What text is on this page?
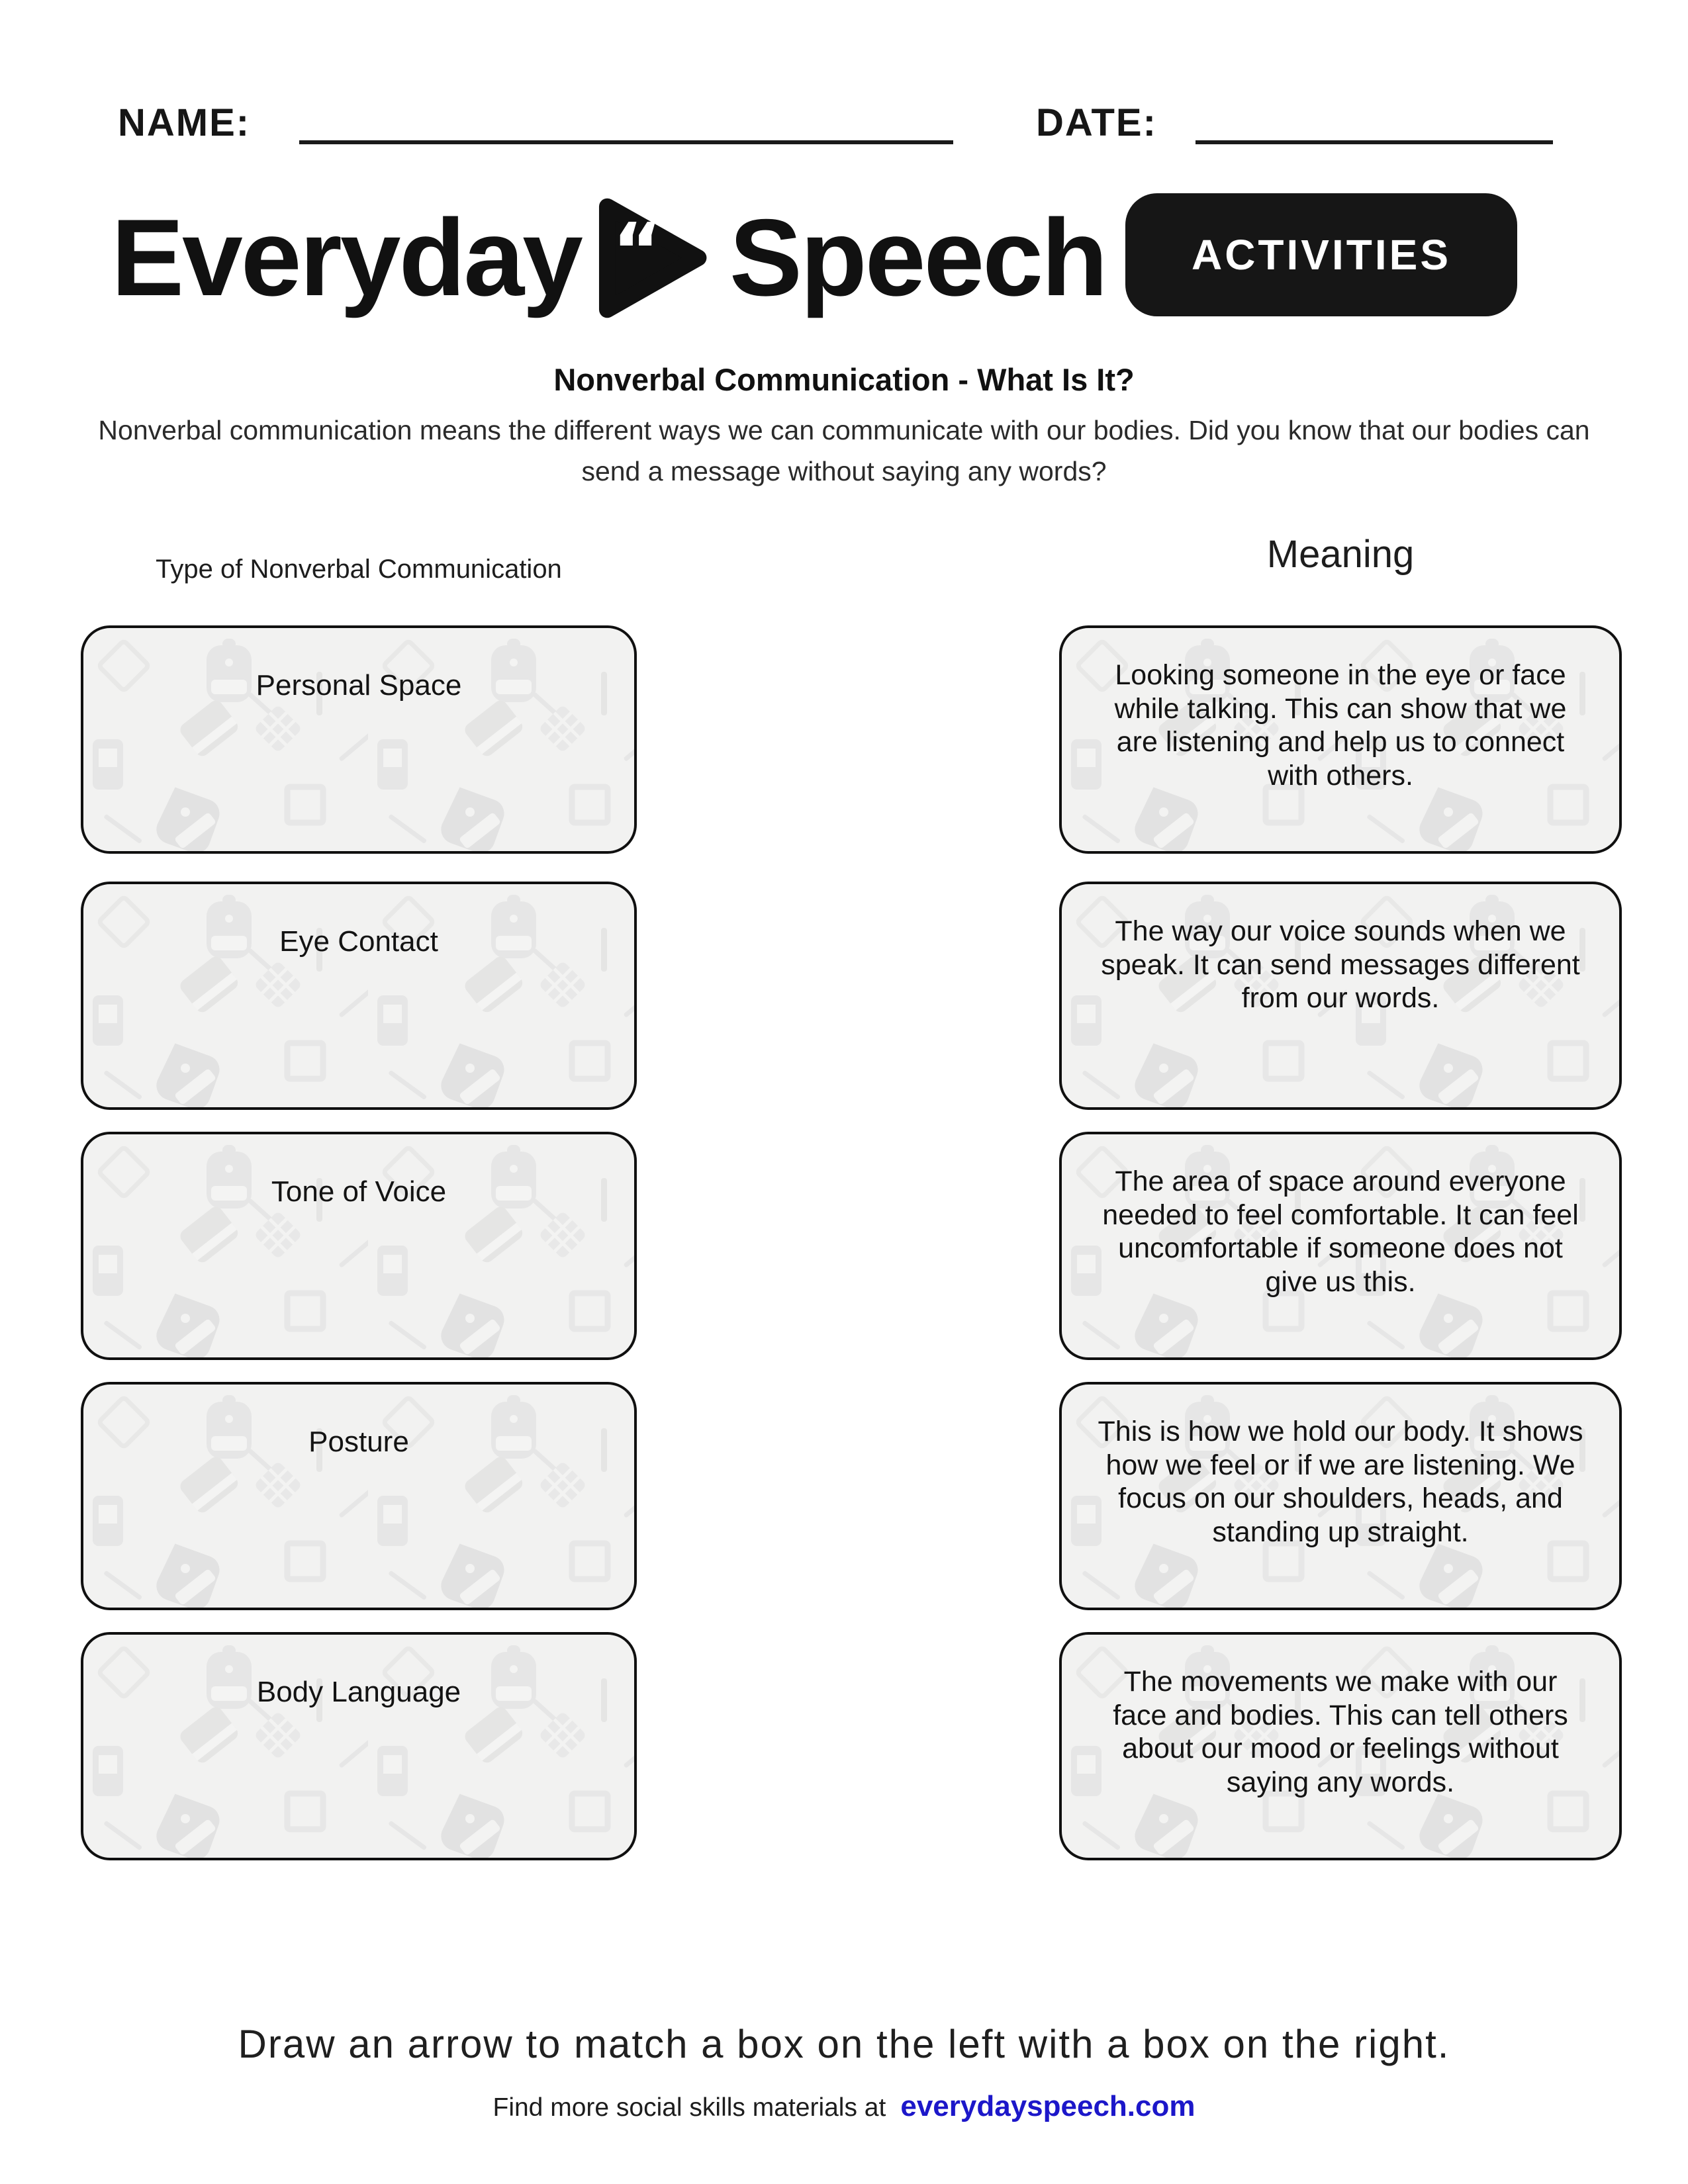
NAME:	DATE:
Everyday “ Speech ACTIVITIES
Nonverbal Communication - What Is It?
Nonverbal communication means the different ways we can communicate with our bodies. Did you know that our bodies can send a message without saying any words?
Type of Nonverbal Communication	Meaning
Personal Space	Looking someone in the eye or face while talking. This can show that we are listening and help us to connect with others.
Eye Contact	The way our voice sounds when we speak. It can send messages different from our words.
Tone of Voice	The area of space around everyone needed to feel comfortable. It can feel uncomfortable if someone does not give us this.
Posture	This is how we hold our body. It shows how we feel or if we are listening. We focus on our shoulders, heads, and standing up straight.
Body Language	The movements we make with our face and bodies. This can tell others about our mood or feelings without saying any words.
Draw an arrow to match a box on the left with a box on the right.
Find more social skills materials at everydayspeech.com
